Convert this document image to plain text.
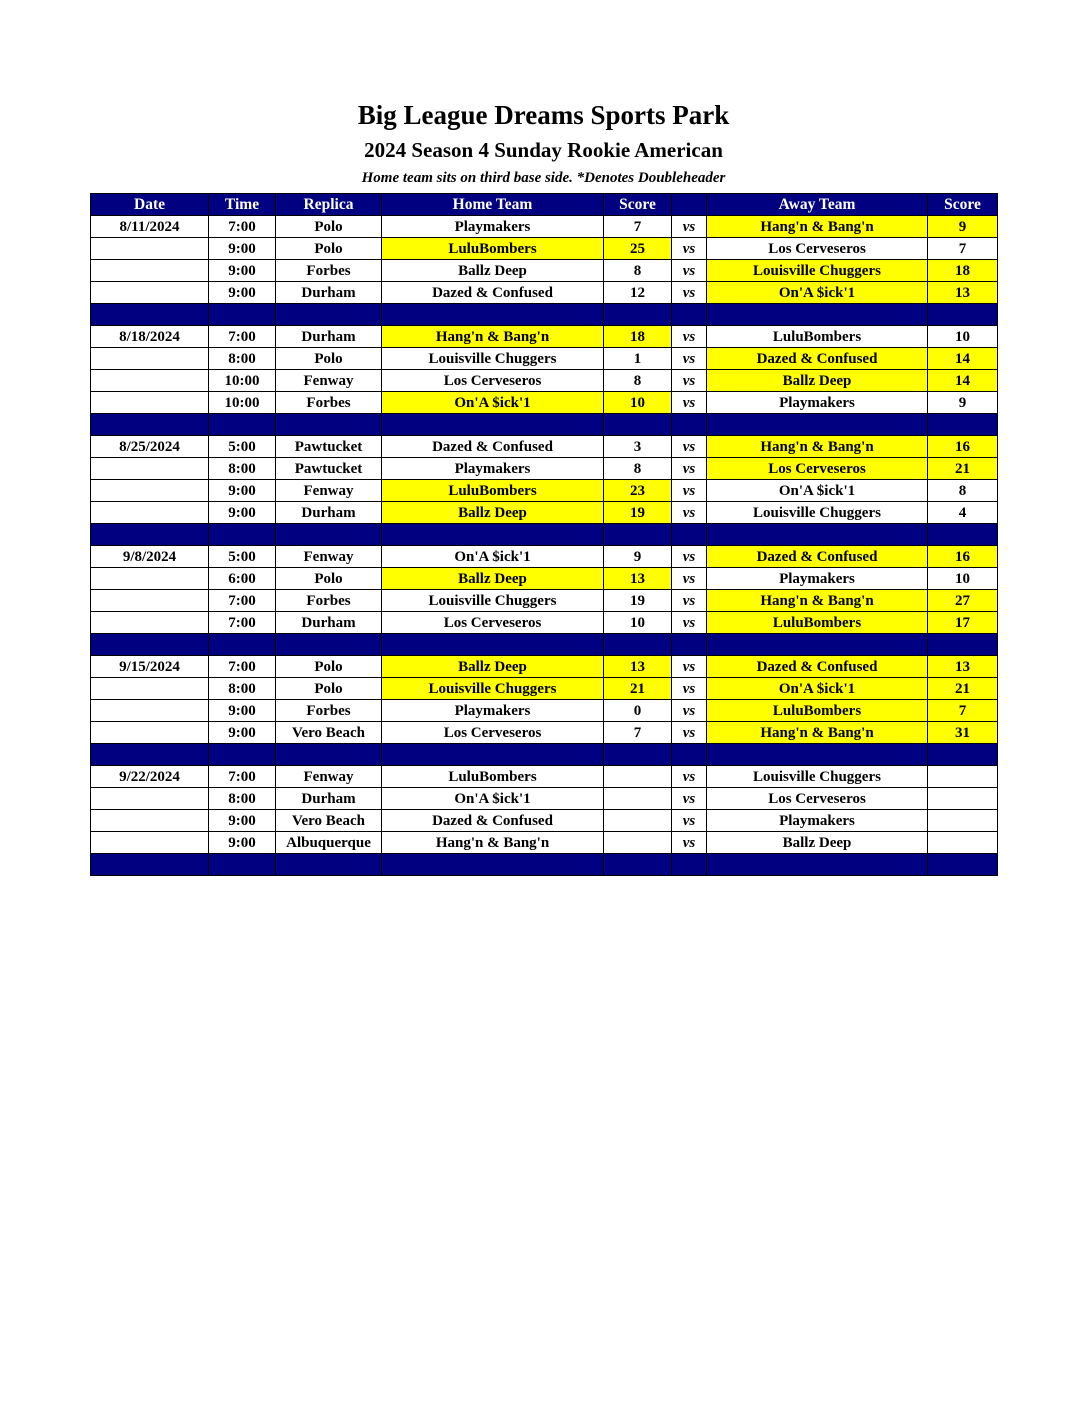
Big League Dreams Sports Park
2024 Season 4 Sunday Rookie American
Home team sits on third base side. *Denotes Doubleheader
Date	Time	Replica	Home Team	Score		Away Team	Score
8/11/2024	7:00	Polo	Playmakers	7	vs	Hang'n & Bang'n	9
	9:00	Polo	LuluBombers	25	vs	Los Cerveseros	7
	9:00	Forbes	Ballz Deep	8	vs	Louisville Chuggers	18
	9:00	Durham	Dazed & Confused	12	vs	On'A $ick'1	13

8/18/2024	7:00	Durham	Hang'n & Bang'n	18	vs	LuluBombers	10
	8:00	Polo	Louisville Chuggers	1	vs	Dazed & Confused	14
	10:00	Fenway	Los Cerveseros	8	vs	Ballz Deep	14
	10:00	Forbes	On'A $ick'1	10	vs	Playmakers	9

8/25/2024	5:00	Pawtucket	Dazed & Confused	3	vs	Hang'n & Bang'n	16
	8:00	Pawtucket	Playmakers	8	vs	Los Cerveseros	21
	9:00	Fenway	LuluBombers	23	vs	On'A $ick'1	8
	9:00	Durham	Ballz Deep	19	vs	Louisville Chuggers	4

9/8/2024	5:00	Fenway	On'A $ick'1	9	vs	Dazed & Confused	16
	6:00	Polo	Ballz Deep	13	vs	Playmakers	10
	7:00	Forbes	Louisville Chuggers	19	vs	Hang'n & Bang'n	27
	7:00	Durham	Los Cerveseros	10	vs	LuluBombers	17

9/15/2024	7:00	Polo	Ballz Deep	13	vs	Dazed & Confused	13
	8:00	Polo	Louisville Chuggers	21	vs	On'A $ick'1	21
	9:00	Forbes	Playmakers	0	vs	LuluBombers	7
	9:00	Vero Beach	Los Cerveseros	7	vs	Hang'n & Bang'n	31

9/22/2024	7:00	Fenway	LuluBombers		vs	Louisville Chuggers	
	8:00	Durham	On'A $ick'1		vs	Los Cerveseros	
	9:00	Vero Beach	Dazed & Confused		vs	Playmakers	
	9:00	Albuquerque	Hang'n & Bang'n		vs	Ballz Deep	
